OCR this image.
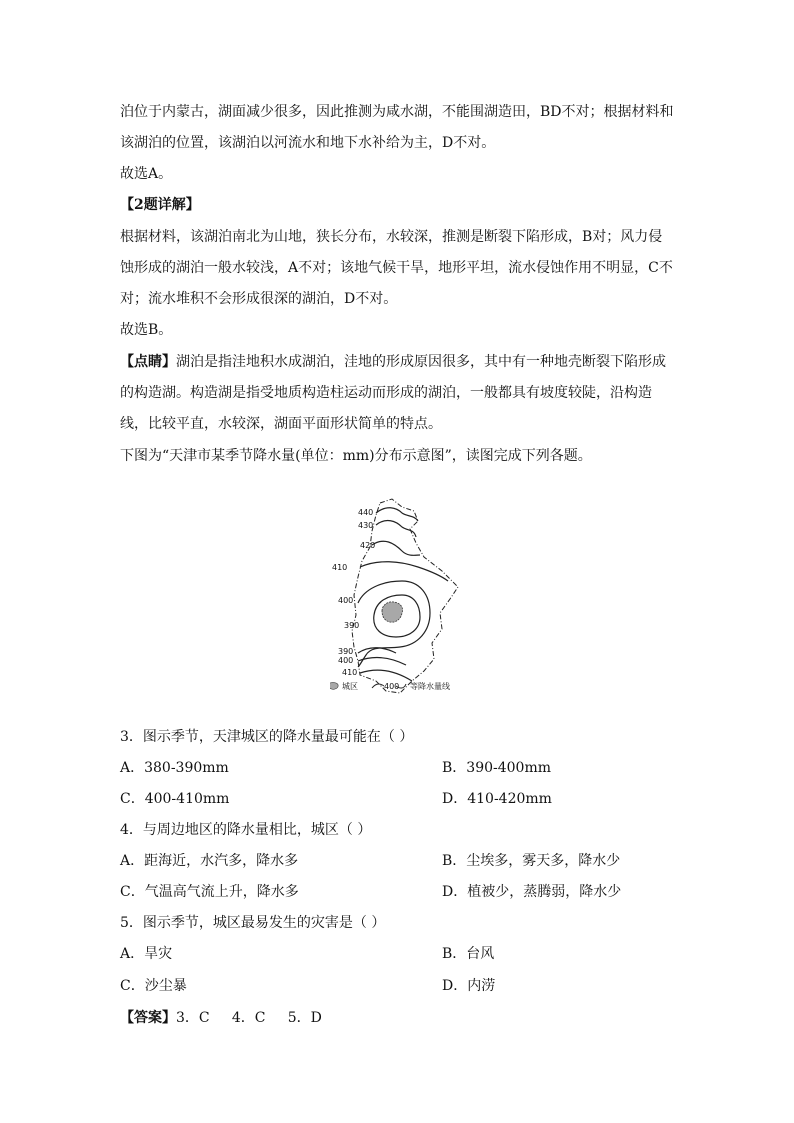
泊位于内蒙古，湖面减少很多，因此推测为咸水湖，不能围湖造田，BD不对；根据材料和
该湖泊的位置，该湖泊以河流水和地下水补给为主，D不对。
故选A。
【2题详解】
根据材料，该湖泊南北为山地，狭长分布，水较深，推测是断裂下陷形成，B对；风力侵
蚀形成的湖泊一般水较浅，A不对；该地气候干旱，地形平坦，流水侵蚀作用不明显，C不
对；流水堆积不会形成很深的湖泊，D不对。
故选B。
【点睛】湖泊是指洼地积水成湖泊，洼地的形成原因很多，其中有一种地壳断裂下陷形成
的构造湖。构造湖是指受地质构造柱运动而形成的湖泊，一般都具有坡度较陡，沿构造
线，比较平直，水较深，湖面平面形状简单的特点。
下图为“天津市某季节降水量(单位：mm)分布示意图”，读图完成下列各题。
440
430
420
410
400
390
390
400
410
城区	400 等降水量线
3．图示季节，天津城区的降水量最可能在（ ）
A．380-390mm	B．390-400mm
C．400-410mm	D．410-420mm
4．与周边地区的降水量相比，城区（ ）
A．距海近，水汽多，降水多	B．尘埃多，雾天多，降水少
C．气温高气流上升，降水多	D．植被少，蒸腾弱，降水少
5．图示季节，城区最易发生的灾害是（ ）
A．旱灾	B．台风
C．沙尘暴	D．内涝
【答案】3．C     4．C     5．D
